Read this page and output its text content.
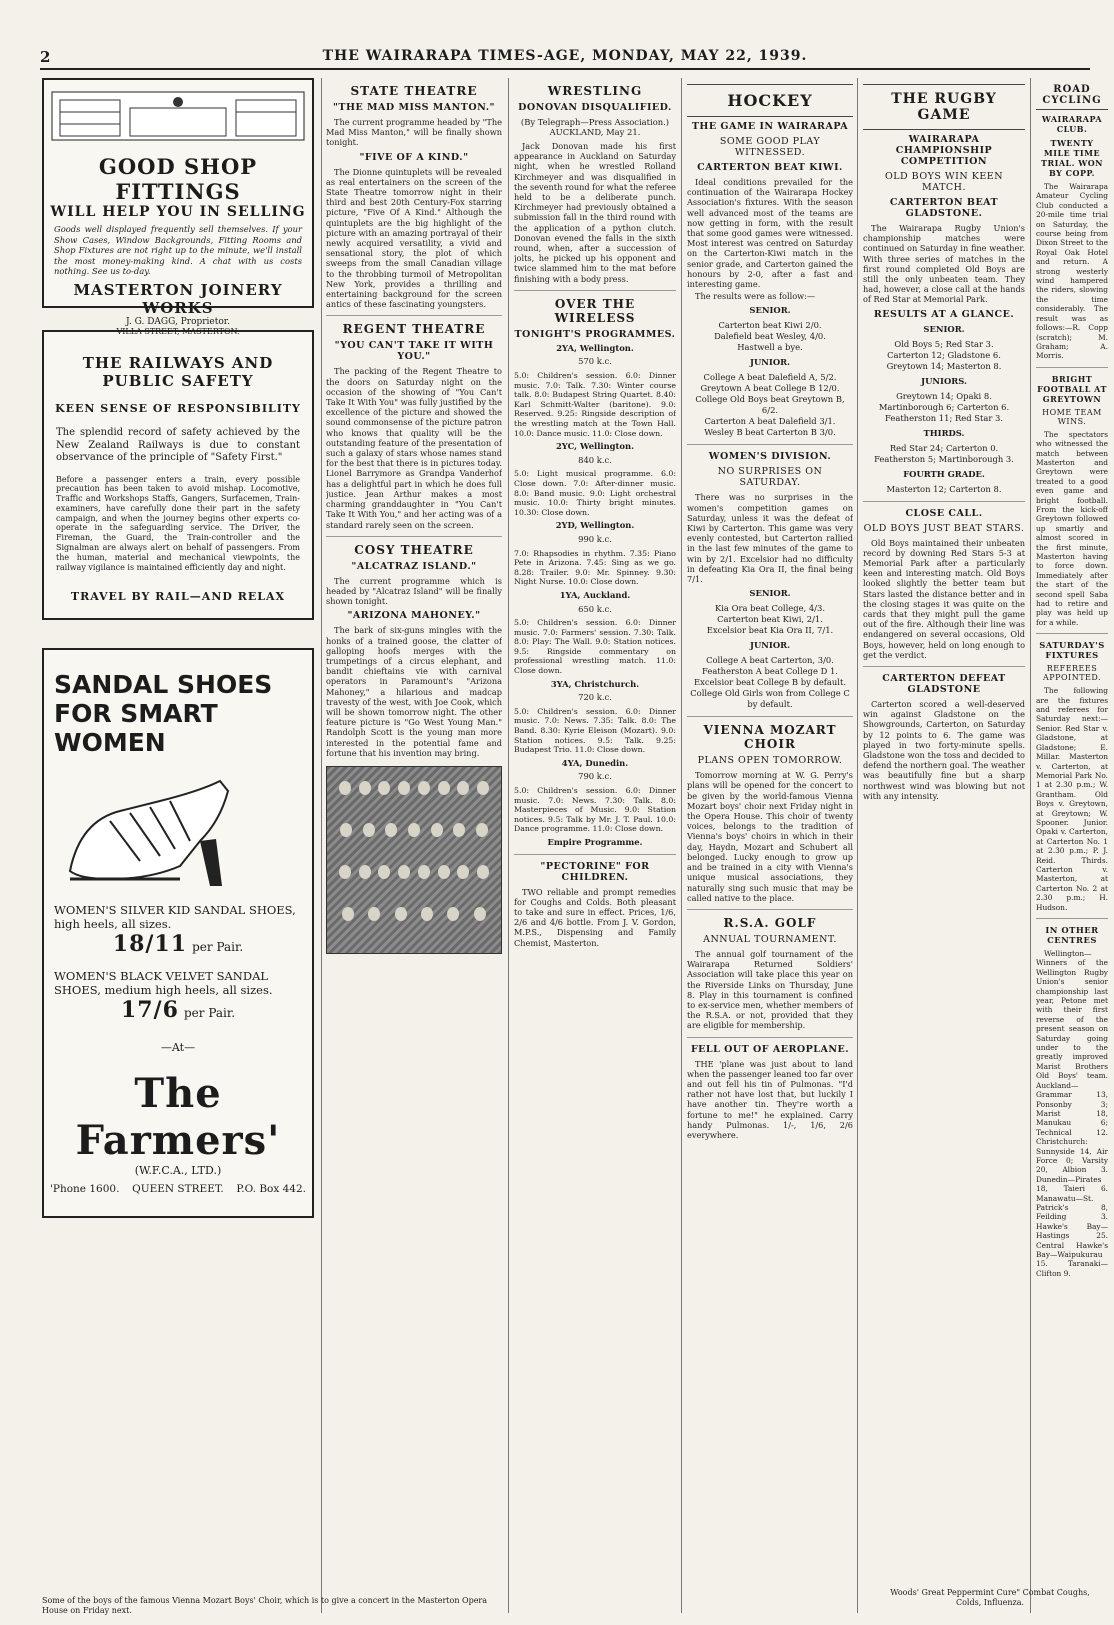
2	THE WAIRARAPA TIMES-AGE, MONDAY, MAY 22, 1939.
GOOD SHOP FITTINGS
WILL HELP YOU IN SELLING
Goods well displayed frequently sell themselves. If your Show Cases, Window Backgrounds, Fitting Rooms and Shop Fixtures are not right up to the minute, we'll install the most money-making kind. A chat with us costs nothing. See us to-day.
MASTERTON JOINERY WORKS
J. G. DAGG, Proprietor.
VILLA STREET, MASTERTON.
THE RAILWAYS AND PUBLIC SAFETY
KEEN SENSE OF RESPONSIBILITY
The splendid record of safety achieved by the New Zealand Railways is due to constant observance of the principle of "Safety First."
Before a passenger enters a train, every possible precaution has been taken to avoid mishap. Locomotive, Traffic and Workshops Staffs, Gangers, Surfacemen, Train-examiners, have carefully done their part in the safety campaign, and when the journey begins other experts co-operate in the safeguarding service. The Driver, the Fireman, the Guard, the Train-controller and the Signalman are always alert on behalf of passengers. From the human, material and mechanical viewpoints, the railway vigilance is maintained efficiently day and night.
TRAVEL BY RAIL—AND RELAX
SANDAL SHOES
FOR SMART WOMEN
WOMEN'S SILVER KID SANDAL SHOES, high heels, all sizes.
18/11 per Pair.
WOMEN'S BLACK VELVET SANDAL SHOES, medium high heels, all sizes.
17/6 per Pair.
—At—
The Farmers'
(W.F.C.A., LTD.)
'Phone 1600. QUEEN STREET. P.O. Box 442.
STATE THEATRE
"THE MAD MISS MANTON."

The current programme headed by "The Mad Miss Manton," will be finally shown tonight.

"FIVE OF A KIND."

The Dionne quintuplets will be revealed as real entertainers on the screen of the State Theatre tomorrow night in their third and best 20th Century-Fox starring picture, "Five Of A Kind." Although the quintuplets are the big highlight of the picture with an amazing portrayal of their newly acquired versatility, a vivid and sensational story, the plot of which sweeps from the small Canadian village to the throbbing turmoil of Metropolitan New York, provides a thrilling and entertaining background for the screen antics of these fascinating youngsters.

REGENT THEATRE
"YOU CAN'T TAKE IT WITH YOU."

The packing of the Regent Theatre to the doors on Saturday night on the occasion of the showing of "You Can't Take It With You" was fully justified by the excellence of the picture and showed the sound commonsense of the picture patron who knows that quality will be the outstanding feature of the presentation of such a galaxy of stars whose names stand for the best that there is in pictures today. Lionel Barrymore as Grandpa Vanderhof has a delightful part in which he does full justice. Jean Arthur makes a most charming granddaughter in "You Can't Take It With You," and her acting was of a standard rarely seen on the screen.

COSY THEATRE
"ALCATRAZ ISLAND."

The current programme which is headed by "Alcatraz Island" will be finally shown tonight.

"ARIZONA MAHONEY."

The bark of six-guns mingles with the honks of a trained goose, the clatter of galloping hoofs merges with the trumpetings of a circus elephant, and bandit chieftains vie with carnival operators in Paramount's "Arizona Mahoney," a hilarious and madcap travesty of the west, with Joe Cook, which will be shown tomorrow night. The other feature picture is "Go West Young Man." Randolph Scott is the young man more interested in the potential fame and fortune that his invention may bring.

Some of the boys of the famous Vienna Mozart Boys' Choir, which is to give a concert in the Masterton Opera House on Friday next.
WRESTLING
DONOVAN DISQUALIFIED.
(By Telegraph—Press Association.) AUCKLAND, May 21.

Jack Donovan made his first appearance in Auckland on Saturday night, when he wrestled Rolland Kirchmeyer and was disqualified in the seventh round for what the referee held to be a deliberate punch. Kirchmeyer had previously obtained a submission fall in the third round with the application of a python clutch. Donovan evened the falls in the sixth round, when, after a succession of jolts, he picked up his opponent and twice slammed him to the mat before finishing with a body press.

OVER THE WIRELESS
TONIGHT'S PROGRAMMES.
2YA, Wellington.
570 k.c.
5.0: Children's session. 6.0: Dinner music. 7.0: Talk. 7.30: Winter course talk. 8.0: Budapest String Quartet. 8.40: Karl Schmitt-Walter (baritone). 9.0: Reserved. 9.25: Ringside description of the wrestling match at the Town Hall. 10.0: Dance music. 11.0: Close down.
2YC, Wellington.
840 k.c.
5.0: Light musical programme. 6.0: Close down. 7.0: After-dinner music. 8.0: Band music. 9.0: Light orchestral music. 10.0: Thirty bright minutes. 10.30: Close down.
2YD, Wellington.
990 k.c.
7.0: Rhapsodies in rhythm. 7.35: Piano Pete in Arizona. 7.45: Sing as we go. 8.28: Trailer. 9.0: Mr. Spinney. 9.30: Night Nurse. 10.0: Close down.
1YA, Auckland.
650 k.c.
5.0: Children's session. 6.0: Dinner music. 7.0: Farmers' session. 7.30: Talk. 8.0: Play: The Wall. 9.0: Station notices. 9.5: Ringside commentary on professional wrestling match. 11.0: Close down.
3YA, Christchurch.
720 k.c.
5.0: Children's session. 6.0: Dinner music. 7.0: News. 7.35: Talk. 8.0: The Band. 8.30: Kyrie Eleison (Mozart). 9.0: Station notices. 9.5: Talk. 9.25: Budapest Trio. 11.0: Close down.
4YA, Dunedin.
790 k.c.
5.0: Children's session. 6.0: Dinner music. 7.0: News. 7.30: Talk. 8.0: Masterpieces of Music. 9.0: Station notices. 9.5: Talk by Mr. J. T. Paul. 10.0: Dance programme. 11.0: Close down.
Empire Programme.
"PECTORINE" FOR CHILDREN.

TWO reliable and prompt remedies for Coughs and Colds. Both pleasant to take and sure in effect. Prices, 1/6, 2/6 and 4/6 bottle. From J. V. Gordon, M.P.S., Dispensing and Family Chemist, Masterton.

HOCKEY
THE GAME IN WAIRARAPA
SOME GOOD PLAY WITNESSED.
CARTERTON BEAT KIWI.

Ideal conditions prevailed for the continuation of the Wairarapa Hockey Association's fixtures. With the season well advanced most of the teams are now getting in form, with the result that some good games were witnessed. Most interest was centred on Saturday on the Carterton-Kiwi match in the senior grade, and Carterton gained the honours by 2-0, after a fast and interesting game.

The results were as follow:—

SENIOR.
Carterton beat Kiwi 2/0.
Dalefield beat Wesley, 4/0.
Hastwell a bye.
JUNIOR.
College A beat Dalefield A, 5/2.
Greytown A beat College B 12/0.
College Old Boys beat Greytown B, 6/2.
Carterton A beat Dalefield 3/1.
Wesley B beat Carterton B 3/0.
WOMEN'S DIVISION.
NO SURPRISES ON SATURDAY.

There was no surprises in the women's competition games on Saturday, unless it was the defeat of Kiwi by Carterton. This game was very evenly contested, but Carterton rallied in the last few minutes of the game to win by 2/1. Excelsior had no difficulty in defeating Kia Ora II, the final being 7/1.

SENIOR.
Kia Ora beat College, 4/3.
Carterton beat Kiwi, 2/1.
Excelsior beat Kia Ora II, 7/1.
JUNIOR.
College A beat Carterton, 3/0.
Featherston A beat College D 1.
Excelsior beat College B by default.
College Old Girls won from College C by default.
VIENNA MOZART CHOIR
PLANS OPEN TOMORROW.

Tomorrow morning at W. G. Perry's plans will be opened for the concert to be given by the world-famous Vienna Mozart boys' choir next Friday night in the Opera House. This choir of twenty voices, belongs to the tradition of Vienna's boys' choirs in which in their day, Haydn, Mozart and Schubert all belonged. Lucky enough to grow up and be trained in a city with Vienna's unique musical associations, they naturally sing such music that may be called native to the place.

R.S.A. GOLF
ANNUAL TOURNAMENT.

The annual golf tournament of the Wairarapa Returned Soldiers' Association will take place this year on the Riverside Links on Thursday, June 8. Play in this tournament is confined to ex-service men, whether members of the R.S.A. or not, provided that they are eligible for membership.

FELL OUT OF AEROPLANE.

THE 'plane was just about to land when the passenger leaned too far over and out fell his tin of Pulmonas. "I'd rather not have lost that, but luckily I have another tin. They're worth a fortune to me!" he explained. Carry handy Pulmonas. 1/-, 1/6, 2/6 everywhere.

THE RUGBY GAME
WAIRARAPA CHAMPIONSHIP COMPETITION
OLD BOYS WIN KEEN MATCH.
CARTERTON BEAT GLADSTONE.

The Wairarapa Rugby Union's championship matches were continued on Saturday in fine weather. With three series of matches in the first round completed Old Boys are still the only unbeaten team. They had, however, a close call at the hands of Red Star at Memorial Park.

RESULTS AT A GLANCE.
SENIOR.
Old Boys 5; Red Star 3.
Carterton 12; Gladstone 6.
Greytown 14; Masterton 8.
JUNIORS.
Greytown 14; Opaki 8.
Martinborough 6; Carterton 6.
Featherston 11; Red Star 3.
THIRDS.
Red Star 24; Carterton 0.
Featherston 5; Martinborough 3.
FOURTH GRADE.
Masterton 12; Carterton 8.
CLOSE CALL.
OLD BOYS JUST BEAT STARS.

Old Boys maintained their unbeaten record by downing Red Stars 5-3 at Memorial Park after a particularly keen and interesting match. Old Boys looked slightly the better team but Stars lasted the distance better and in the closing stages it was quite on the cards that they might pull the game out of the fire. Although their line was endangered on several occasions, Old Boys, however, held on long enough to get the verdict.

CARTERTON DEFEAT GLADSTONE

Carterton scored a well-deserved win against Gladstone on the Showgrounds, Carterton, on Saturday by 12 points to 6. The game was played in two forty-minute spells. Gladstone won the toss and decided to defend the northern goal. The weather was beautifully fine but a sharp northwest wind was blowing but not with any intensity.

ROAD CYCLING
WAIRARAPA CLUB.
TWENTY MILE TIME TRIAL. WON BY COPP.

The Wairarapa Amateur Cycling Club conducted a 20-mile time trial on Saturday, the course being from Dixon Street to the Royal Oak Hotel and return. A strong westerly wind hampered the riders, slowing the time considerably. The result was as follows:—R. Copp (scratch); M. Graham; A. Morris.

BRIGHT FOOTBALL AT GREYTOWN
HOME TEAM WINS.

The spectators who witnessed the match between Masterton and Greytown were treated to a good even game and bright football. From the kick-off Greytown followed up smartly and almost scored in the first minute, Masterton having to force down. Immediately after the start of the second spell Saba had to retire and play was held up for a while.

SATURDAY'S FIXTURES
REFEREES APPOINTED.

The following are the fixtures and referees for Saturday next:— Senior. Red Star v. Gladstone, at Gladstone; E. Millar. Masterton v. Carterton, at Memorial Park No. 1 at 2.30 p.m.; W. Grantham. Old Boys v. Greytown, at Greytown; W. Spooner. Junior. Opaki v. Carterton, at Carterton No. 1 at 2.30 p.m.; P. J. Reid. Thirds. Carterton v. Masterton, at Carterton No. 2 at 2.30 p.m.; H. Hudson.

IN OTHER CENTRES

Wellington—Winners of the Wellington Rugby Union's senior championship last year, Petone met with their first reverse of the present season on Saturday going under to the greatly improved Marist Brothers Old Boys' team. Auckland—Grammar 13, Ponsonby 3; Marist 18, Manukau 6; Technical 12. Christchurch: Sunnyside 14, Air Force 0; Varsity 20, Albion 3. Dunedin—Pirates 18, Taieri 6. Manawatu—St. Patrick's 8, Feilding 3. Hawke's Bay—Hastings 25. Central Hawke's Bay—Waipukurau 15. Taranaki—Clifton 9.

Woods' Great Peppermint Cure" Combat Coughs, Colds, Influenza.
